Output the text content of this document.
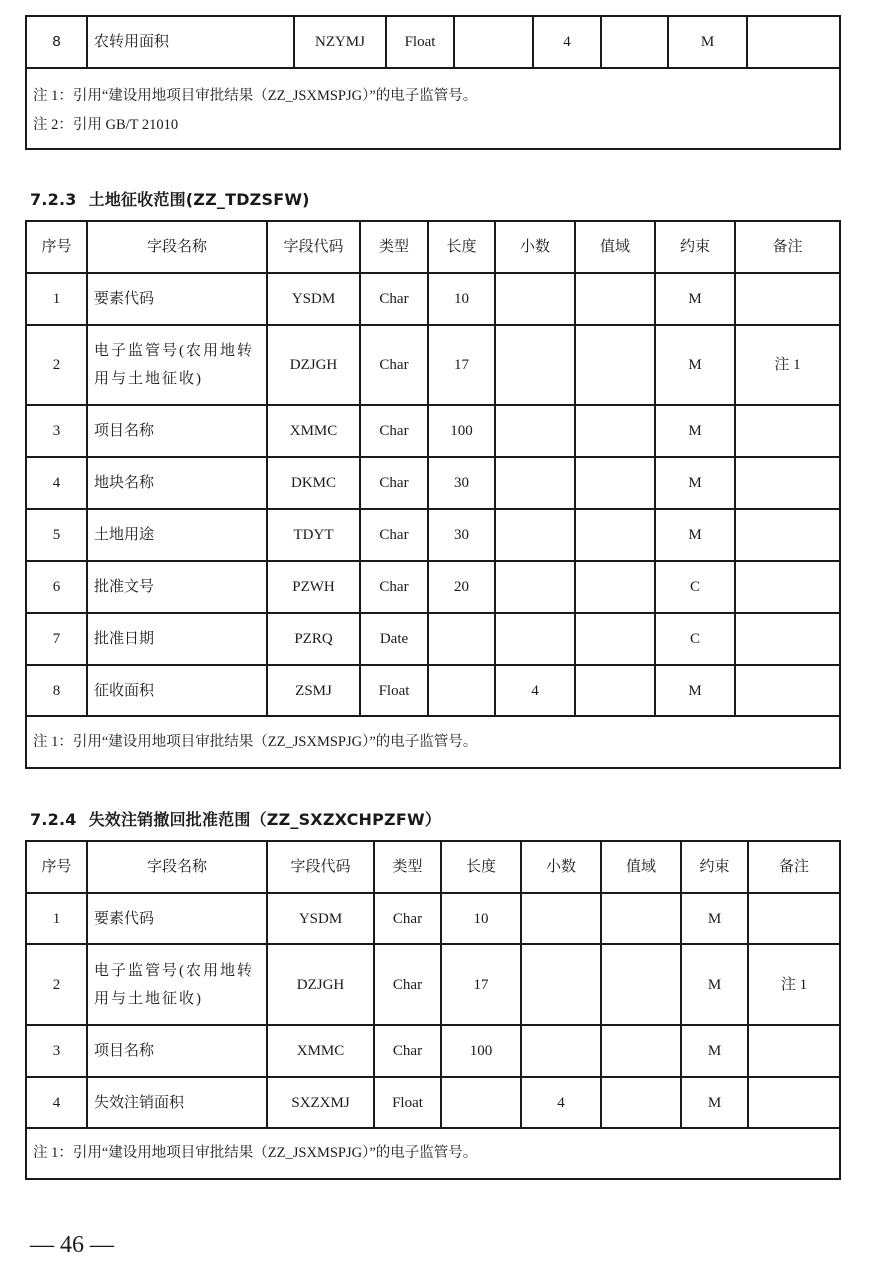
8	农转用面积	NZYMJ	Float		4		M	

注 1：引用“建设用地项目审批结果（ZZ_JSXMSPJG）”的电子监管号。
注 2：引用 GB/T 21010
7.2.3 土地征收范围(ZZ_TDZSFW)
序号	字段名称	字段代码	类型	长度	小数	值域	约束	备注
1	要素代码	YSDM	Char	10			M	
2	电子监管号(农用地转用与土地征收)	DZJGH	Char	17			M	注 1
3	项目名称	XMMC	Char	100			M	
4	地块名称	DKMC	Char	30			M	
5	土地用途	TDYT	Char	30			M	
6	批准文号	PZWH	Char	20			C	
7	批准日期	PZRQ	Date				C	
8	征收面积	ZSMJ	Float		4		M	
注 1：引用“建设用地项目审批结果（ZZ_JSXMSPJG）”的电子监管号。								
7.2.4 失效注销撤回批准范围（ZZ_SXZXCHPZFW）
序号	字段名称	字段代码	类型	长度	小数	值域	约束	备注
1	要素代码	YSDM	Char	10			M	
2	电子监管号(农用地转用与土地征收)	DZJGH	Char	17			M	注 1
3	项目名称	XMMC	Char	100			M	
4	失效注销面积	SXZXMJ	Float		4		M	
注 1：引用“建设用地项目审批结果（ZZ_JSXMSPJG）”的电子监管号。								
— 46 —
